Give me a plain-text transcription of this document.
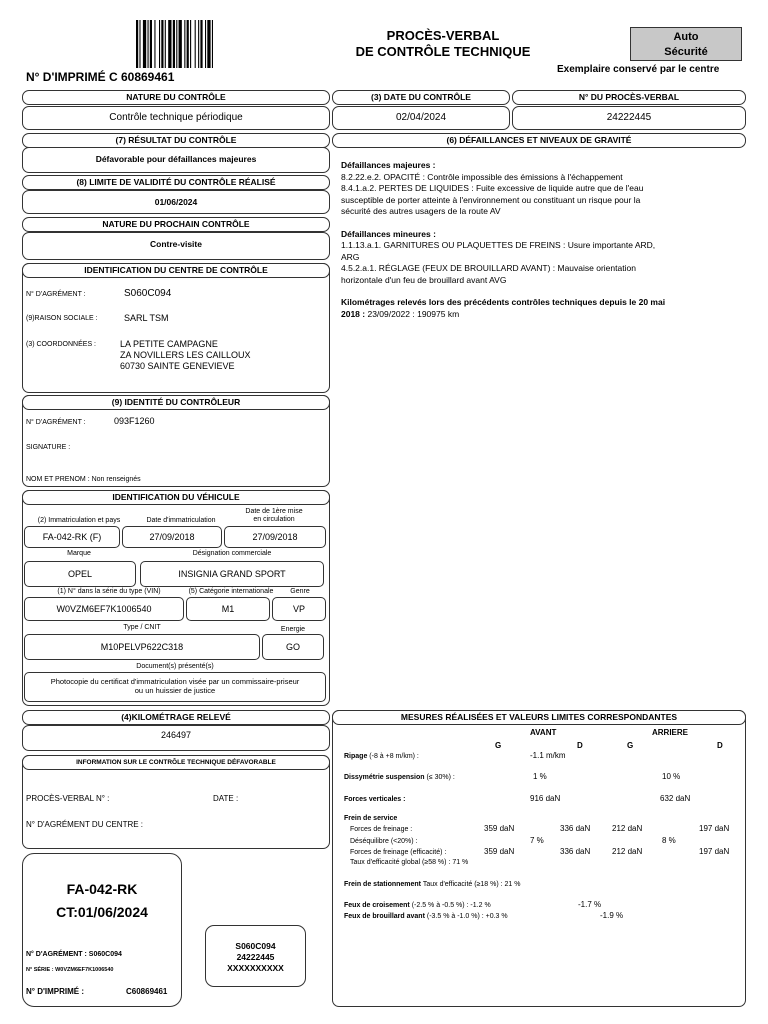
N° D'IMPRIMÉ C 60869461
PROCÈS-VERBAL
DE CONTRÔLE TECHNIQUE
Auto
Sécurité
Exemplaire conservé par le centre
NATURE DU CONTRÔLE
Contrôle technique périodique
(3) DATE DU CONTRÔLE
02/04/2024
N° DU PROCÈS-VERBAL
24222445
(7) RÉSULTAT DU CONTRÔLE
Défavorable pour défaillances majeures
(8) LIMITE DE VALIDITÉ DU CONTRÔLE RÉALISÉ
01/06/2024
NATURE DU PROCHAIN CONTRÔLE
Contre-visite
IDENTIFICATION DU CENTRE DE CONTRÔLE
N° D'AGRÉMENT :	S060C094
(9)RAISON SOCIALE :	SARL TSM
(3) COORDONNÉES :	LA PETITE CAMPAGNE
ZA NOVILLERS LES CAILLOUX
60730 SAINTE GENEVIEVE
(9) IDENTITÉ DU CONTRÔLEUR
N° D'AGRÉMENT :	093F1260
SIGNATURE :
NOM ET PRENOM : Non renseignés
IDENTIFICATION DU VÉHICULE
(2) Immatriculation et pays	Date d'immatriculation
Date de 1ère mise
en circulation
FA-042-RK (F)	27/09/2018	27/09/2018
Marque	Désignation commerciale
OPEL	INSIGNIA GRAND SPORT
(1) N° dans la série du type (VIN)	(5) Catégorie internationale	Genre
W0VZM6EF7K1006540	M1	VP
Type / CNIT	Energie
M10PELVP622C318	GO
Document(s) présenté(s)
Photocopie du certificat d'immatriculation visée par un commissaire-priseur
ou un huissier de justice
(6) DÉFAILLANCES ET NIVEAUX DE GRAVITÉ
Défaillances majeures :
8.2.22.e.2. OPACITÉ : Contrôle impossible des émissions à l'échappement
8.4.1.a.2. PERTES DE LIQUIDES : Fuite excessive de liquide autre que de l'eau
susceptible de porter atteinte à l'environnement ou constituant un risque pour la
sécurité des autres usagers de la route AV
Défaillances mineures :
1.1.13.a.1. GARNITURES OU PLAQUETTES DE FREINS : Usure importante ARD,
ARG
4.5.2.a.1. RÉGLAGE (FEUX DE BROUILLARD AVANT) : Mauvaise orientation
horizontale d'un feu de brouillard avant AVG
Kilométrages relevés lors des précédents contrôles techniques depuis le 20 mai
2018 : 23/09/2022 : 190975 km
(4)KILOMÉTRAGE RELEVÉ
246497
INFORMATION SUR LE CONTRÔLE TECHNIQUE DÉFAVORABLE
PROCÈS-VERBAL N° :	DATE :
N° D'AGRÉMENT DU CENTRE :
FA-042-RK
CT:01/06/2024
N° D'AGRÉMENT : S060C094
N° SÉRIE : W0VZM6EF7K1006540
N° D'IMPRIMÉ :	C60869461
S060C094
24222445
XXXXXXXXXX
MESURES RÉALISÉES ET VALEURS LIMITES CORRESPONDANTES
AVANT	ARRIERE
G	D	G	D
Ripage (-8 à +8 m/km) :	-1.1 m/km
Dissymétrie suspension (≤ 30%) :	1 %	10 %
Forces verticales :	916 daN	632 daN
Frein de service
Forces de freinage :	359 daN	336 daN	212 daN	197 daN
Déséquilibre (<20%) :	7 %	8 %
Forces de freinage (efficacité) :	359 daN	336 daN	212 daN	197 daN
Taux d'efficacité global (≥58 %) : 71 %
Frein de stationnement Taux d'efficacité (≥18 %) : 21 %
Feux de croisement (-2.5 % à -0.5 %) : -1.2 %	-1.7 %
Feux de brouillard avant (-3.5 % à -1.0 %) : +0.3 %	-1.9 %
